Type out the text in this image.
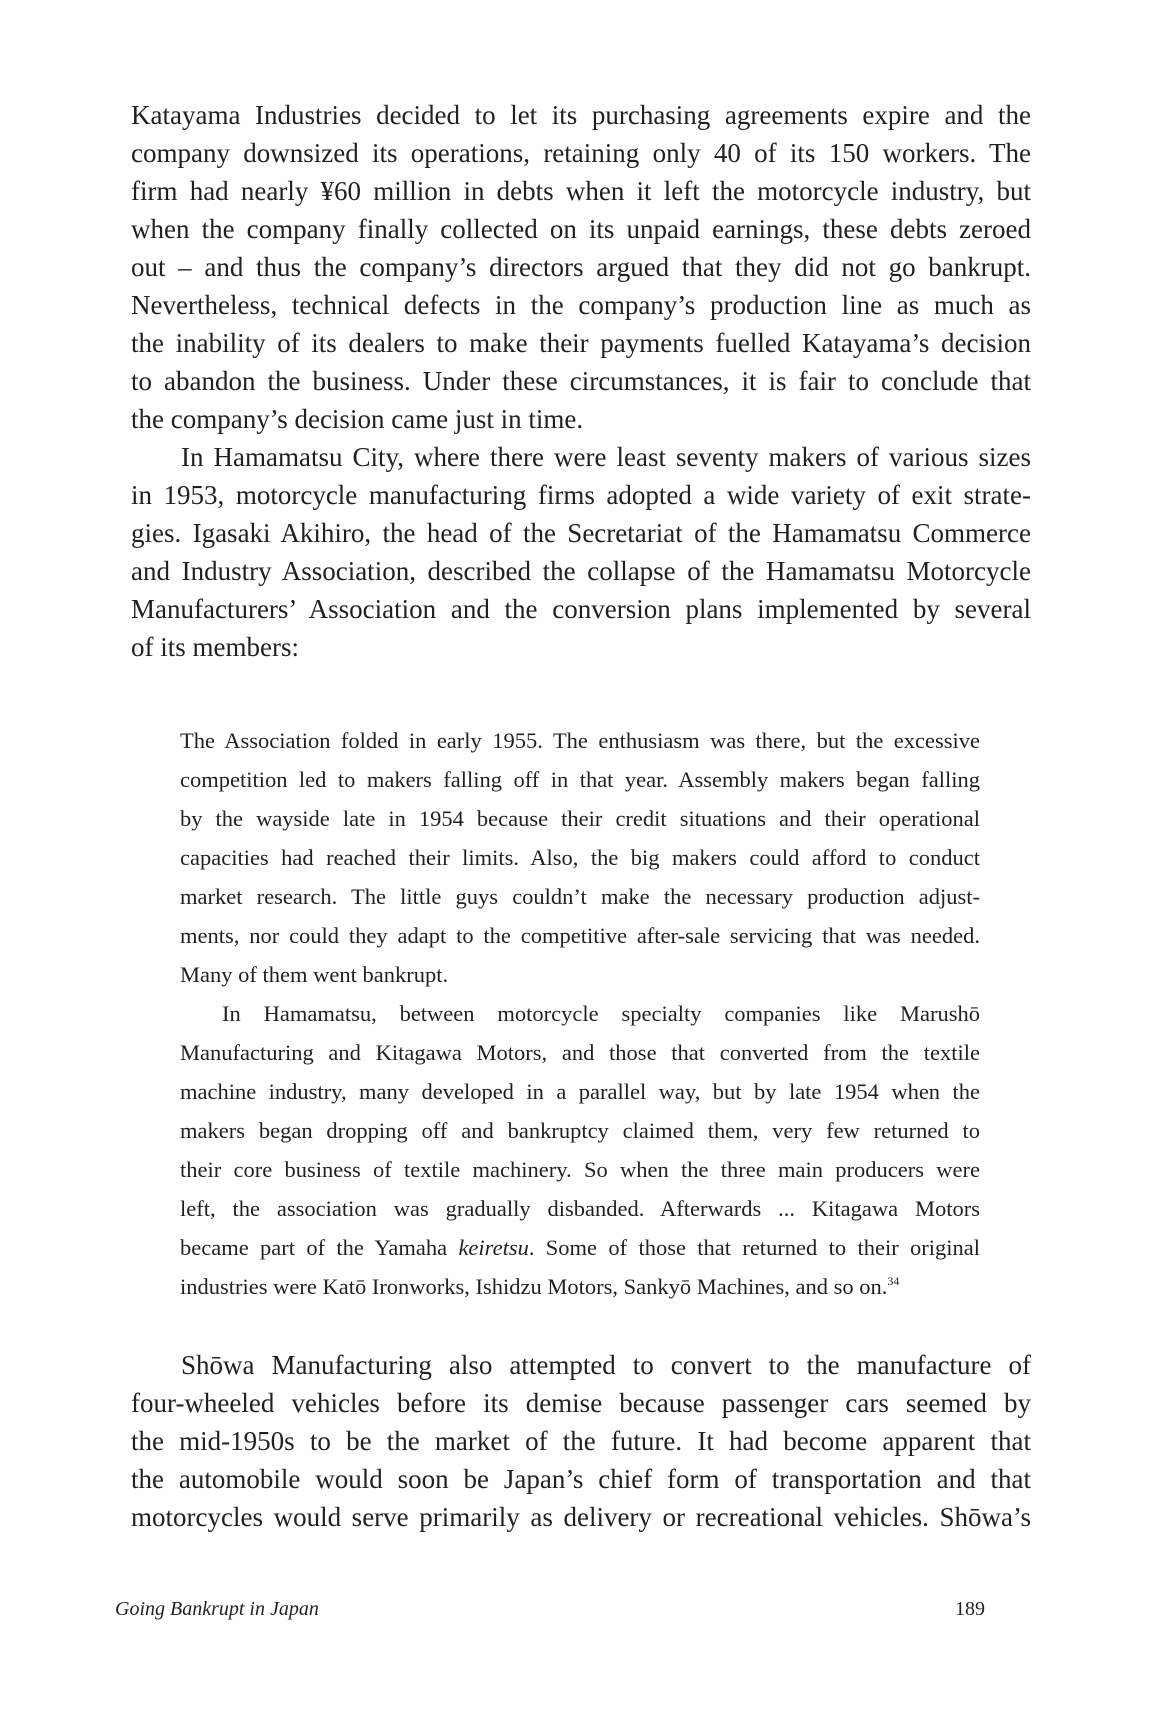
Katayama Industries decided to let its purchasing agreements expire and the
company downsized its operations, retaining only 40 of its 150 workers. The
firm had nearly ¥60 million in debts when it left the motorcycle industry, but
when the company finally collected on its unpaid earnings, these debts zeroed
out – and thus the company’s directors argued that they did not go bankrupt.
Nevertheless, technical defects in the company’s production line as much as
the inability of its dealers to make their payments fuelled Katayama’s decision
to abandon the business. Under these circumstances, it is fair to conclude that
the company’s decision came just in time.
In Hamamatsu City, where there were least seventy makers of various sizes
in 1953, motorcycle manufacturing firms adopted a wide variety of exit strate-
gies. Igasaki Akihiro, the head of the Secretariat of the Hamamatsu Commerce
and Industry Association, described the collapse of the Hamamatsu Motorcycle
Manufacturers’ Association and the conversion plans implemented by several
of its members:
The Association folded in early 1955. The enthusiasm was there, but the excessive
competition led to makers falling off in that year. Assembly makers began falling
by the wayside late in 1954 because their credit situations and their operational
capacities had reached their limits. Also, the big makers could afford to conduct
market research. The little guys couldn’t make the necessary production adjust-
ments, nor could they adapt to the competitive after-sale servicing that was needed.
Many of them went bankrupt.
In Hamamatsu, between motorcycle specialty companies like Marushō
Manufacturing and Kitagawa Motors, and those that converted from the textile
machine industry, many developed in a parallel way, but by late 1954 when the
makers began dropping off and bankruptcy claimed them, very few returned to
their core business of textile machinery. So when the three main producers were
left, the association was gradually disbanded. Afterwards ... Kitagawa Motors
became part of the Yamaha keiretsu. Some of those that returned to their original
industries were Katō Ironworks, Ishidzu Motors, Sankyō Machines, and so on.$^{34}$
Shōwa Manufacturing also attempted to convert to the manufacture of
four-wheeled vehicles before its demise because passenger cars seemed by
the mid-1950s to be the market of the future. It had become apparent that
the automobile would soon be Japan’s chief form of transportation and that
motorcycles would serve primarily as delivery or recreational vehicles. Shōwa’s
Going Bankrupt in Japan	189
